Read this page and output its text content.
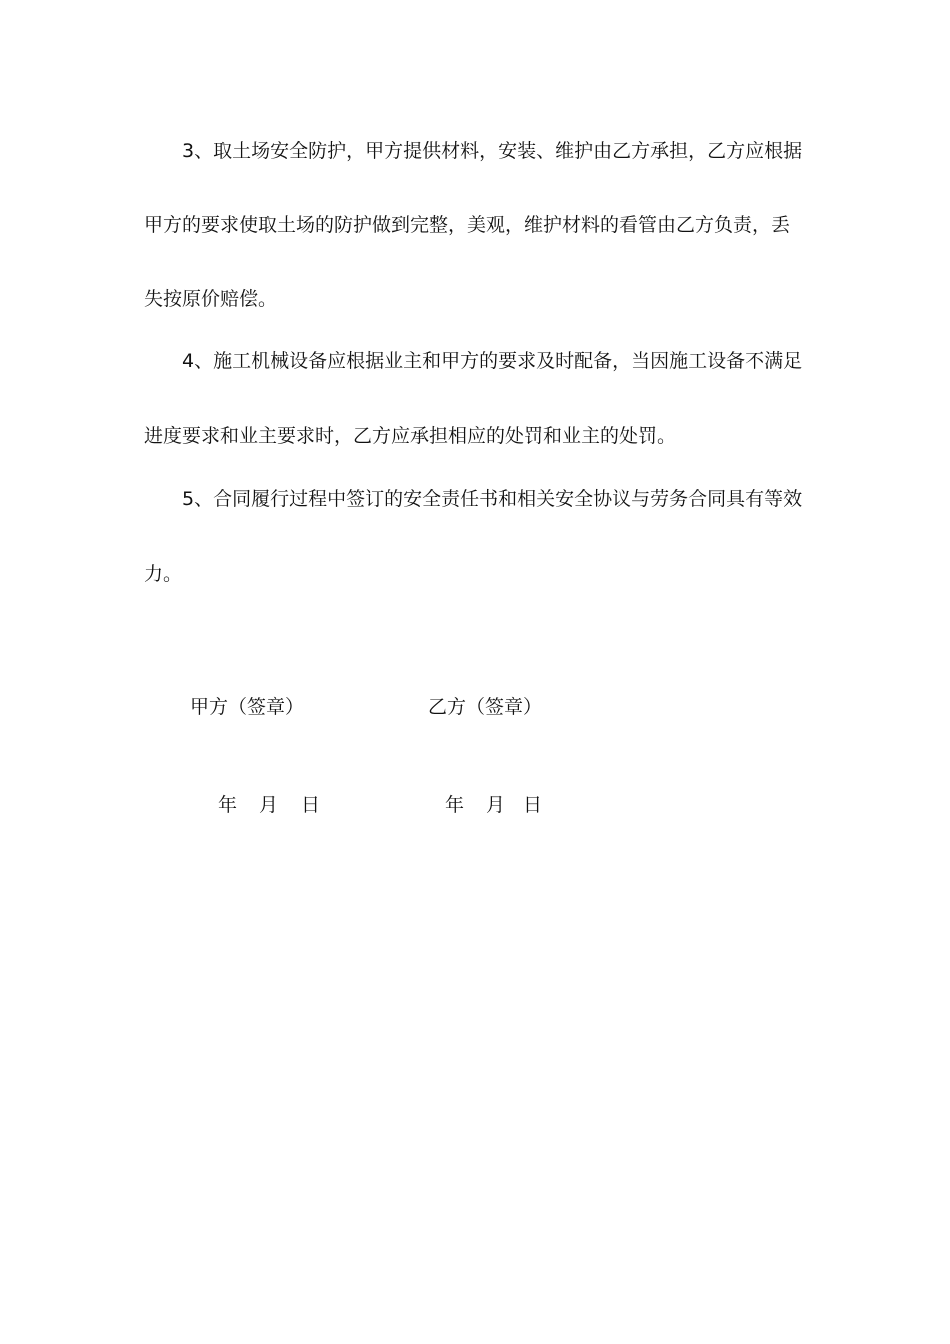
3、取土场安全防护，甲方提供材料，安装、维护由乙方承担，乙方应根据
甲方的要求使取土场的防护做到完整，美观，维护材料的看管由乙方负责，丢
失按原价赔偿。
4、施工机械设备应根据业主和甲方的要求及时配备，当因施工设备不满足
进度要求和业主要求时，乙方应承担相应的处罚和业主的处罚。
5、合同履行过程中签订的安全责任书和相关安全协议与劳务合同具有等效
力。
甲方（签章）	乙方（签章）
年 月 日	年 月 日
